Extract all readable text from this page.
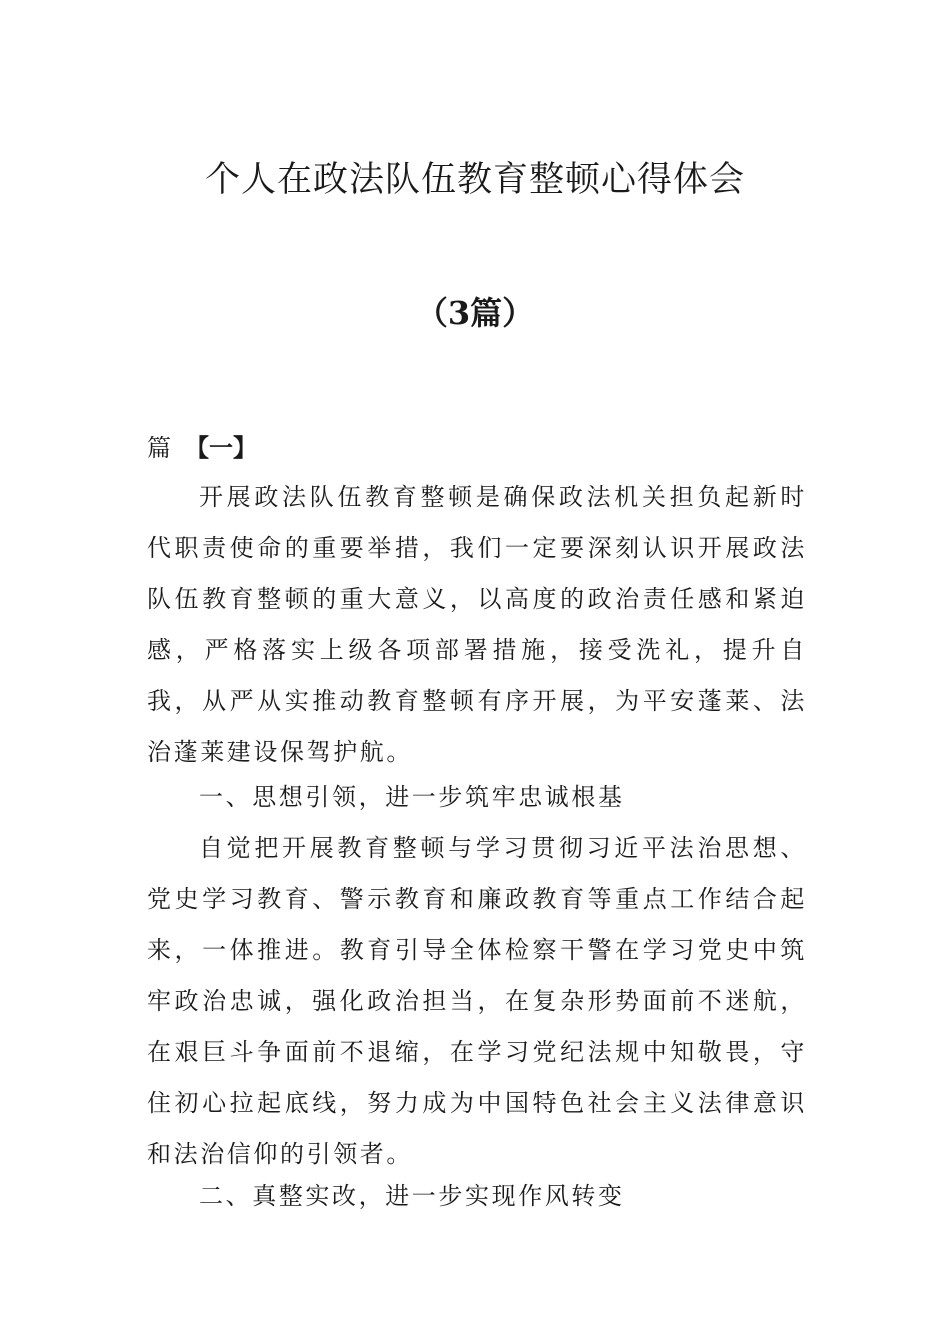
个人在政法队伍教育整顿心得体会
（3篇）
篇 【一】

开展政法队伍教育整顿是确保政法机关担负起新时代职责使命的重要举措，我们一定要深刻认识开展政法队伍教育整顿的重大意义，以高度的政治责任感和紧迫感，严格落实上级各项部署措施，接受洗礼，提升自我，从严从实推动教育整顿有序开展，为平安蓬莱、法治蓬莱建设保驾护航。

一、思想引领，进一步筑牢忠诚根基

自觉把开展教育整顿与学习贯彻习近平法治思想、党史学习教育、警示教育和廉政教育等重点工作结合起来，一体推进。教育引导全体检察干警在学习党史中筑牢政治忠诚，强化政治担当，在复杂形势面前不迷航，在艰巨斗争面前不退缩，在学习党纪法规中知敬畏，守住初心拉起底线，努力成为中国特色社会主义法律意识和法治信仰的引领者。

二、真整实改，进一步实现作风转变
